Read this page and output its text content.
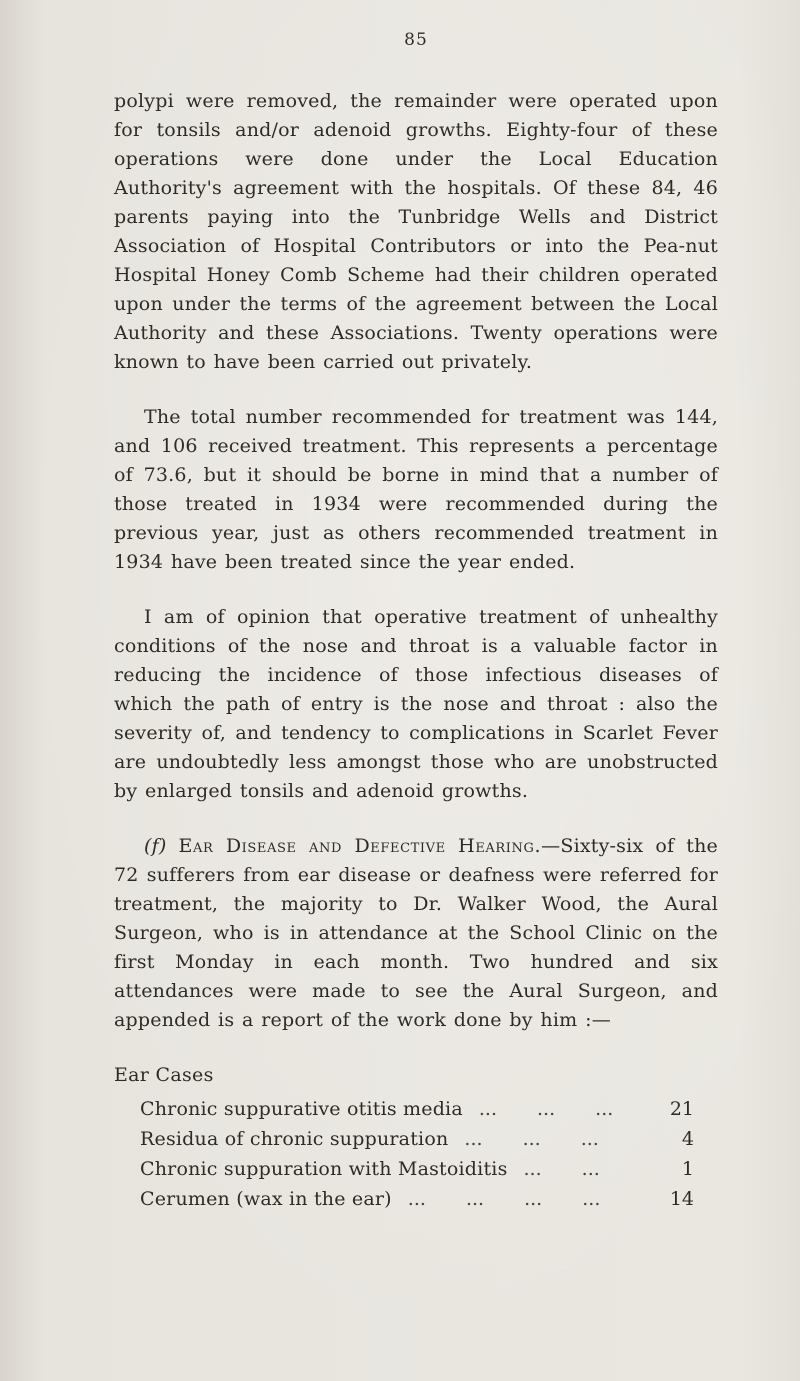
85

polypi were removed, the remainder were operated upon for tonsils and/or adenoid growths. Eighty-four of these operations were done under the Local Education Authority's agreement with the hospitals. Of these 84, 46 parents paying into the Tunbridge Wells and District Association of Hospital Contributors or into the Pea-nut Hospital Honey Comb Scheme had their children operated upon under the terms of the agreement between the Local Authority and these Associations. Twenty operations were known to have been carried out privately.

The total number recommended for treatment was 144, and 106 received treatment. This represents a percentage of 73.6, but it should be borne in mind that a number of those treated in 1934 were recommended during the previous year, just as others recommended treatment in 1934 have been treated since the year ended.

I am of opinion that operative treatment of unhealthy conditions of the nose and throat is a valuable factor in reducing the incidence of those infectious diseases of which the path of entry is the nose and throat : also the severity of, and tendency to complications in Scarlet Fever are undoubtedly less amongst those who are unobstructed by enlarged tonsils and adenoid growths.

(f) Ear Disease and Defective Hearing.—Sixty-six of the 72 sufferers from ear disease or deafness were referred for treatment, the majority to Dr. Walker Wood, the Aural Surgeon, who is in attendance at the School Clinic on the first Monday in each month. Two hundred and six attendances were made to see the Aural Surgeon, and appended is a report of the work done by him :—

Ear Cases
Chronic suppurative otitis media ... ... ...	21
Residua of chronic suppuration ... ... ...	4
Chronic suppuration with Mastoiditis ... ...	1
Cerumen (wax in the ear) ... ... ... ...	14
